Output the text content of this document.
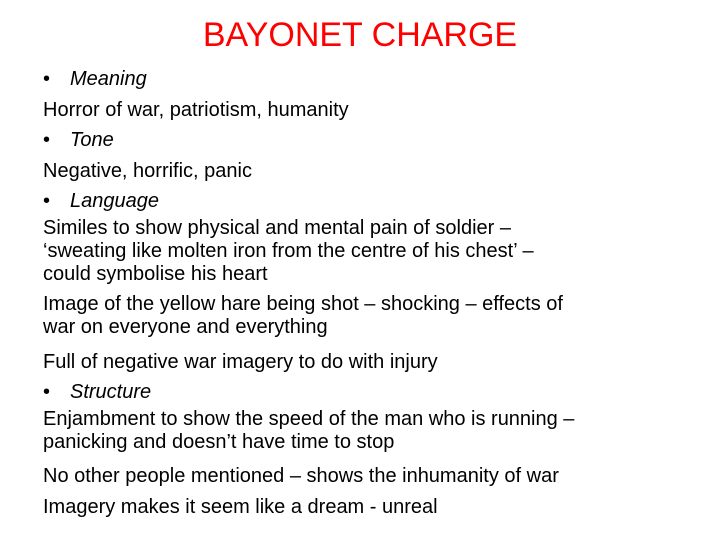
BAYONET CHARGE
• Meaning
Horror of war, patriotism, humanity
• Tone
Negative, horrific, panic
• Language
Similes to show physical and mental pain of soldier –
‘sweating like molten iron from the centre of his chest’ –
could symbolise his heart
Image of the yellow hare being shot – shocking – effects of
war on everyone and everything
Full of negative war imagery to do with injury
• Structure
Enjambment to show the speed of the man who is running –
panicking and doesn’t have time to stop
No other people mentioned – shows the inhumanity of war
Imagery makes it seem like a dream - unreal
